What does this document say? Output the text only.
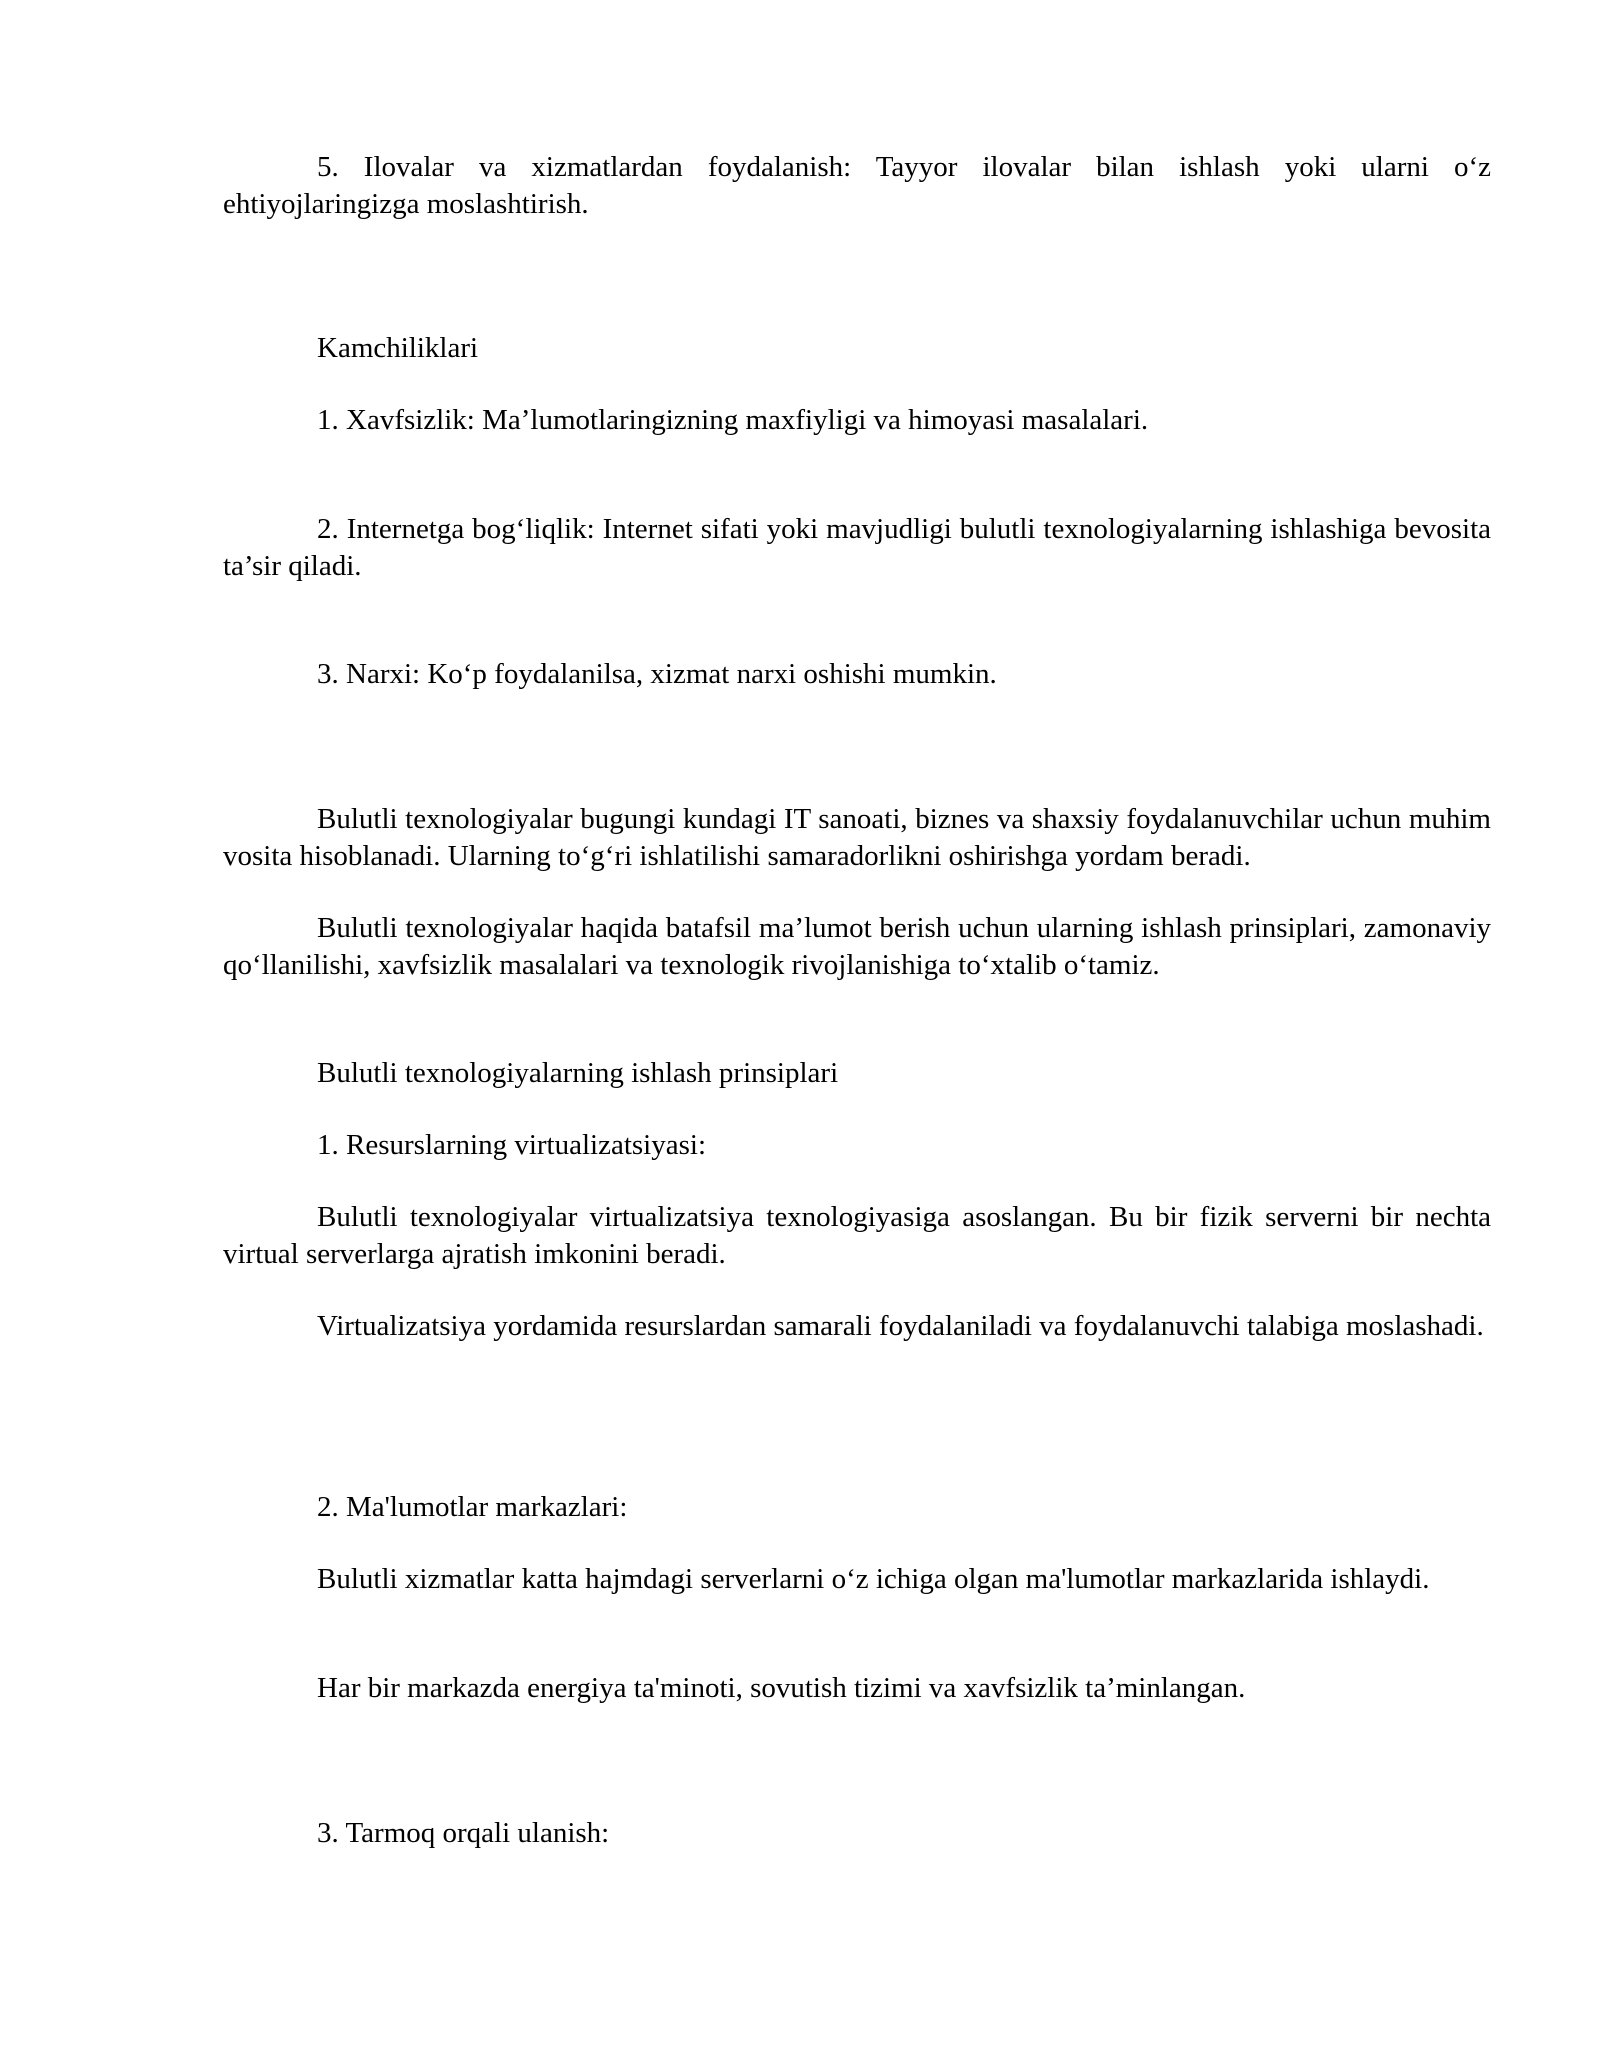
5. Ilovalar va xizmatlardan foydalanish: Tayyor ilovalar bilan ishlash yoki ularni o‘z ehtiyojlaringizga moslashtirish.

Kamchiliklari

1. Xavfsizlik: Ma’lumotlaringizning maxfiyligi va himoyasi masalalari.

2. Internetga bog‘liqlik: Internet sifati yoki mavjudligi bulutli texnologiyalarning ishlashiga bevosita ta’sir qiladi.

3. Narxi: Ko‘p foydalanilsa, xizmat narxi oshishi mumkin.

Bulutli texnologiyalar bugungi kundagi IT sanoati, biznes va shaxsiy foydalanuvchilar uchun muhim vosita hisoblanadi. Ularning to‘g‘ri ishlatilishi samaradorlikni oshirishga yordam beradi.

Bulutli texnologiyalar haqida batafsil ma’lumot berish uchun ularning ishlash prinsiplari, zamonaviy qo‘llanilishi, xavfsizlik masalalari va texnologik rivojlanishiga to‘xtalib o‘tamiz.

Bulutli texnologiyalarning ishlash prinsiplari

1. Resurslarning virtualizatsiyasi:

Bulutli texnologiyalar virtualizatsiya texnologiyasiga asoslangan. Bu bir fizik serverni bir nechta virtual serverlarga ajratish imkonini beradi.

Virtualizatsiya yordamida resurslardan samarali foydalaniladi va foydalanuvchi talabiga moslashadi.

2. Ma'lumotlar markazlari:

Bulutli xizmatlar katta hajmdagi serverlarni o‘z ichiga olgan ma'lumotlar markazlarida ishlaydi.

Har bir markazda energiya ta'minoti, sovutish tizimi va xavfsizlik ta’minlangan.

3. Tarmoq orqali ulanish:
